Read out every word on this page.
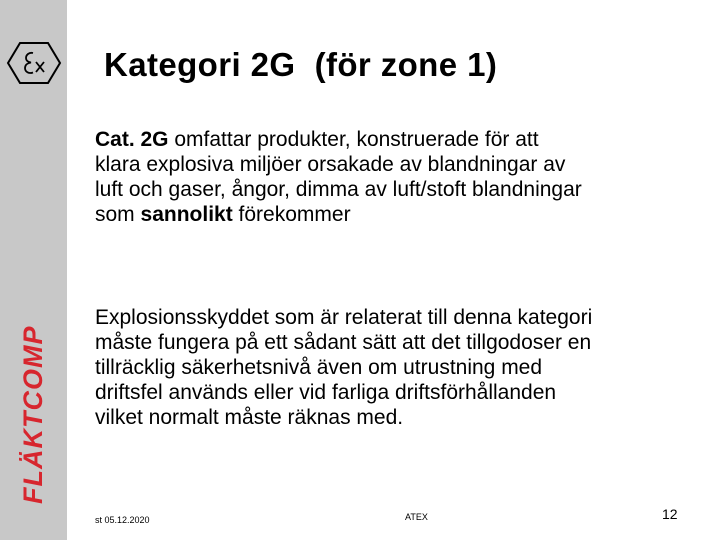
FLÄKTCOMP
Kategori 2G  (för zone 1)
Cat. 2G omfattar produkter, konstruerade för att
klara explosiva miljöer orsakade av blandningar av
luft och gaser, ångor, dimma av luft/stoft blandningar
som sannolikt förekommer
Explosionsskyddet som är relaterat till denna kategori
måste fungera på ett sådant sätt att det tillgodoser en
tillräcklig säkerhetsnivå även om utrustning med
driftsfel används eller vid farliga driftsförhållanden
vilket normalt måste räknas med.
st 05.12.2020	ATEX	12
